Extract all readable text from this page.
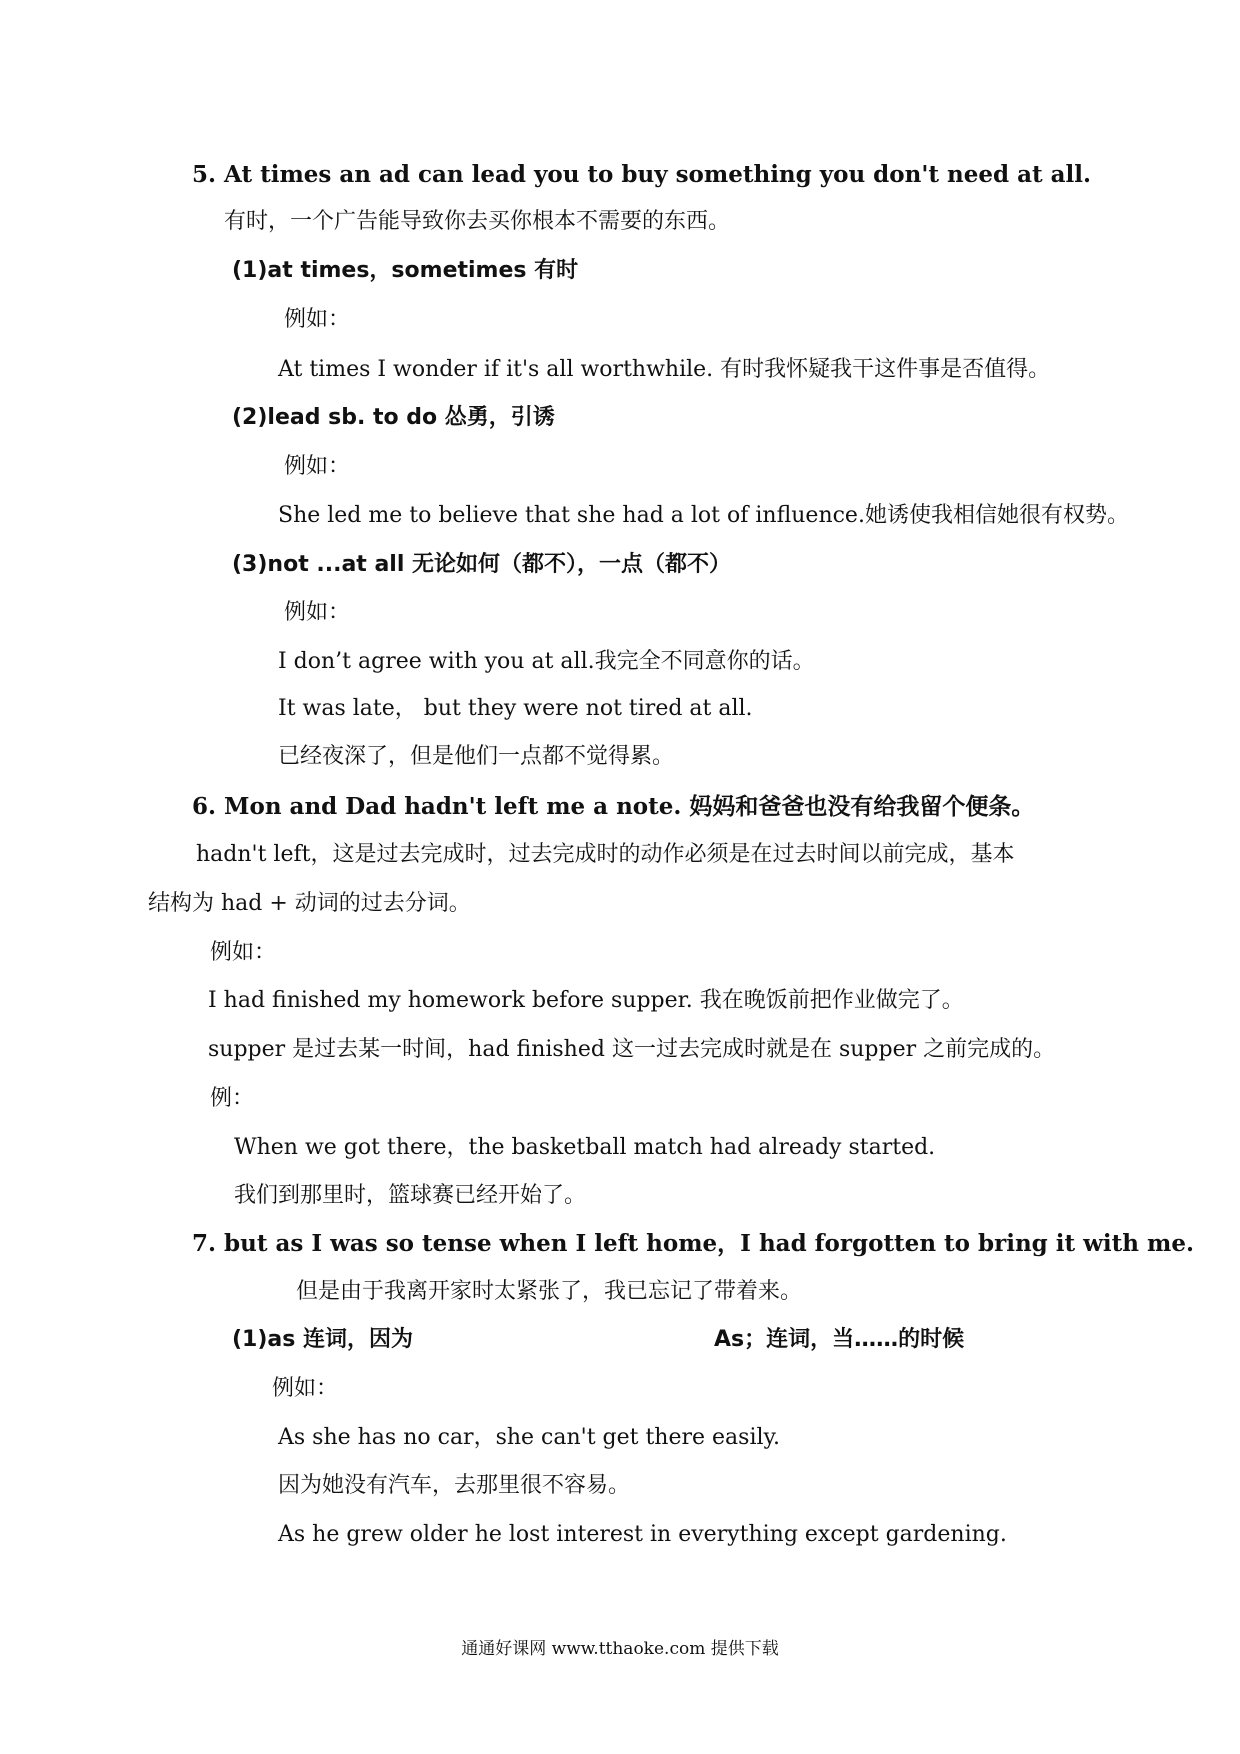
5. At times an ad can lead you to buy something you don't need at all.
有时，一个广告能导致你去买你根本不需要的东西。
(1)at times，sometimes 有时
例如：
At times I wonder if it's all worthwhile. 有时我怀疑我干这件事是否值得。
(2)lead sb. to do 怂勇，引诱
例如：
She led me to believe that she had a lot of influence.她诱使我相信她很有权势。
(3)not ...at all 无论如何（都不），一点（都不）
例如：
I don’t agree with you at all.我完全不同意你的话。
It was late， but they were not tired at all.
已经夜深了，但是他们一点都不觉得累。
6. Mon and Dad hadn't left me a note. 妈妈和爸爸也没有给我留个便条。
hadn't left，这是过去完成时，过去完成时的动作必须是在过去时间以前完成，基本
结构为 had + 动词的过去分词。
例如：
I had finished my homework before supper. 我在晚饭前把作业做完了。
supper 是过去某一时间，had finished 这一过去完成时就是在 supper 之前完成的。
例：
When we got there，the basketball match had already started.
我们到那里时，篮球赛已经开始了。
7. but as I was so tense when I left home，I had forgotten to bring it with me.
但是由于我离开家时太紧张了，我已忘记了带着来。
(1)as 连词，因为	As；连词，当……的时候
例如：
As she has no car，she can't get there easily.
因为她没有汽车，去那里很不容易。
As he grew older he lost interest in everything except gardening.
通通好课网 www.tthaoke.com 提供下载
